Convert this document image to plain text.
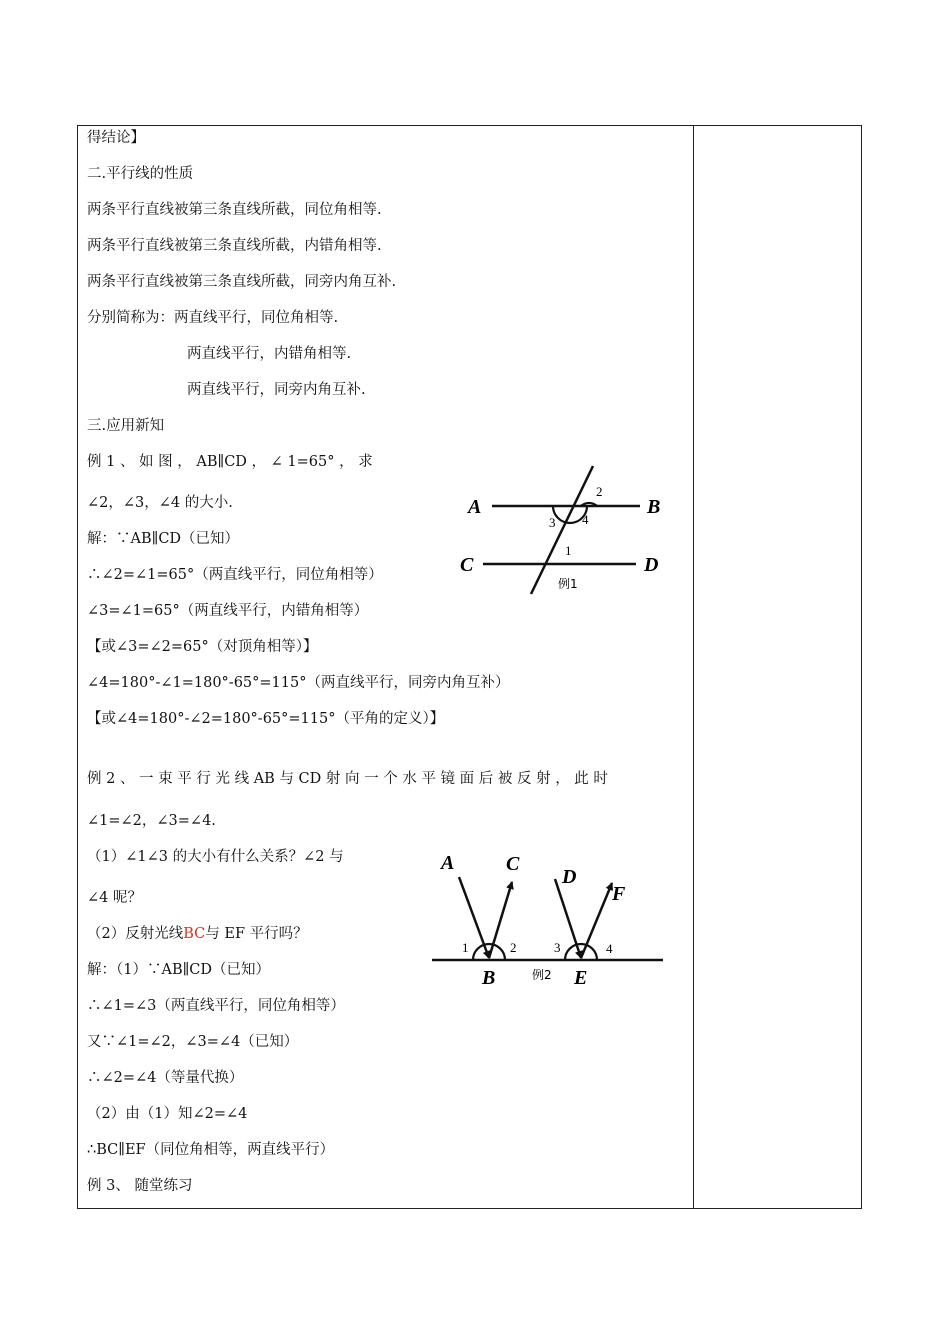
得结论】
二.平行线的性质
两条平行直线被第三条直线所截，同位角相等.
两条平行直线被第三条直线所截，内错角相等.
两条平行直线被第三条直线所截，同旁内角互补.
分别简称为：两直线平行，同位角相等.
两直线平行，内错角相等.
两直线平行，同旁内角互补.
三.应用新知
例 1 、 如 图 ， AB∥CD ， ∠ 1=65° ， 求
∠2，∠3，∠4 的大小.
解：∵AB∥CD（已知）
∴∠2=∠1=65°（两直线平行，同位角相等）
∠3=∠1=65°（两直线平行，内错角相等）
【或∠3=∠2=65°（对顶角相等）】
∠4=180°-∠1=180°-65°=115°（两直线平行，同旁内角互补）
【或∠4=180°-∠2=180°-65°=115°（平角的定义）】
例 2 、 一 束 平 行 光 线 AB 与 CD 射 向 一 个 水 平 镜 面 后 被 反 射 ， 此 时
∠1=∠2，∠3=∠4.
（1）∠1∠3 的大小有什么关系？∠2 与
∠4 呢？
（2）反射光线BC与 EF 平行吗？
解：（1）∵AB∥CD（已知）
∴∠1=∠3（两直线平行，同位角相等）
又∵∠1=∠2，∠3=∠4（已知）
∴∠2=∠4（等量代换）
（2）由（1）知∠2=∠4
∴BC∥EF（同位角相等，两直线平行）
例 3、 随堂练习
A	B
C	D
2
3 4
1
例1
A	C
D
F
B	E
1	2	3	4
例2
